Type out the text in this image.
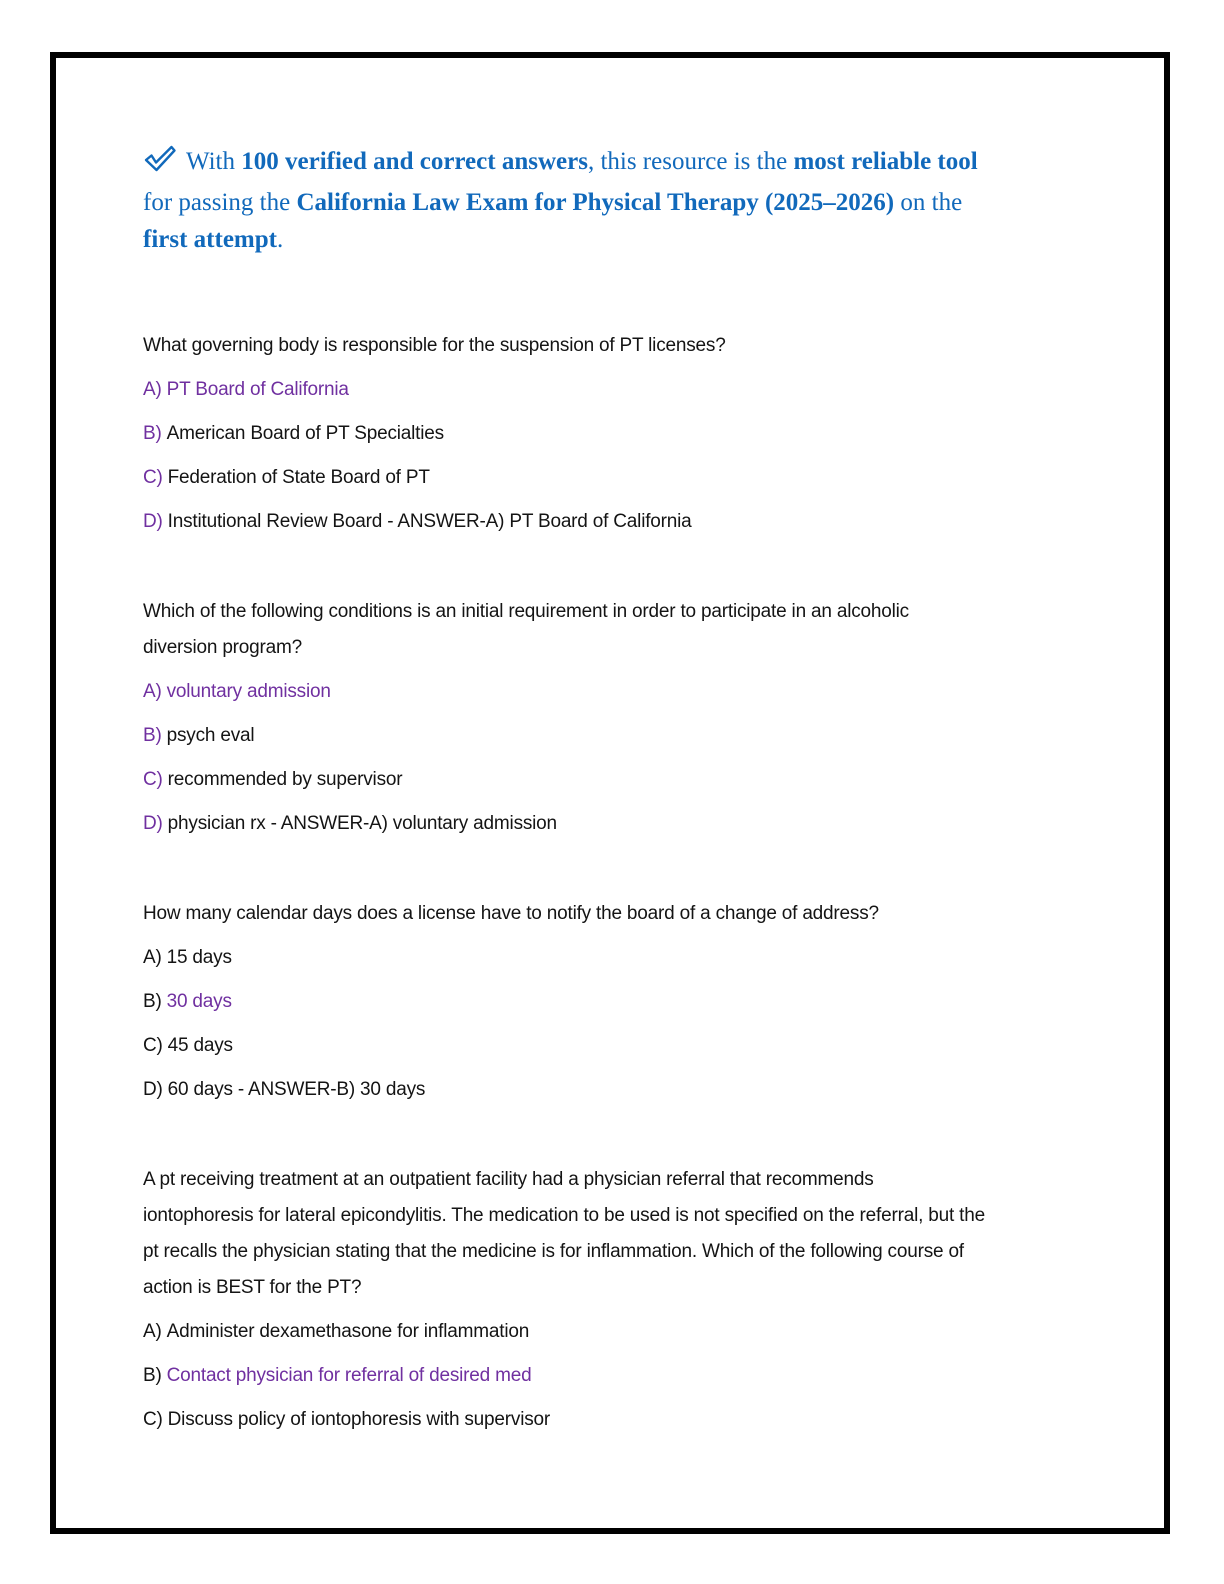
With 100 verified and correct answers, this resource is the most reliable tool
for passing the California Law Exam for Physical Therapy (2025–2026) on the
first attempt.
What governing body is responsible for the suspension of PT licenses?
A) PT Board of California
B) American Board of PT Specialties
C) Federation of State Board of PT
D) Institutional Review Board - ANSWER-A) PT Board of California
Which of the following conditions is an initial requirement in order to participate in an alcoholic
diversion program?
A) voluntary admission
B) psych eval
C) recommended by supervisor
D) physician rx - ANSWER-A) voluntary admission
How many calendar days does a license have to notify the board of a change of address?
A) 15 days
B) 30 days
C) 45 days
D) 60 days - ANSWER-B) 30 days
A pt receiving treatment at an outpatient facility had a physician referral that recommends
iontophoresis for lateral epicondylitis. The medication to be used is not specified on the referral, but the
pt recalls the physician stating that the medicine is for inflammation. Which of the following course of
action is BEST for the PT?
A) Administer dexamethasone for inflammation
B) Contact physician for referral of desired med
C) Discuss policy of iontophoresis with supervisor
